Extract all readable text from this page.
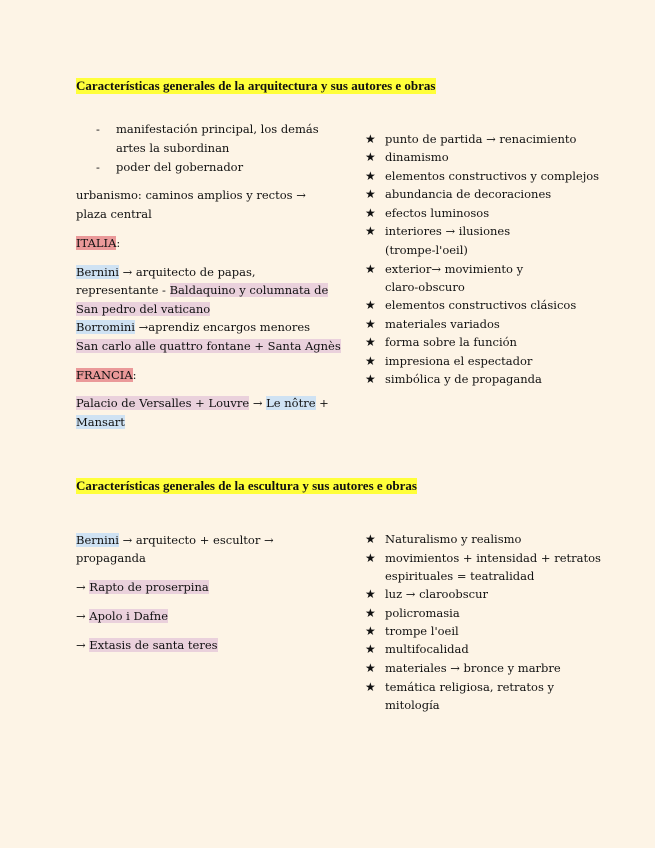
Características generales de la arquitectura y sus autores e obras
- manifestación principal, los demás
artes la subordinan
- poder del gobernador
urbanismo: caminos amplios y rectos →
plaza central
ITALIA:
Bernini → arquitecto de papas,
representante - Baldaquino y columnata de
San pedro del vaticano
Borromini →aprendiz encargos menores
San carlo alle quattro fontane + Santa Agnès
FRANCIA:
Palacio de Versalles + Louvre → Le nôtre +
Mansart
★ punto de partida → renacimiento
★ dinamismo
★ elementos constructivos y complejos
★ abundancia de decoraciones
★ efectos luminosos
★ interiores → ilusiones
(trompe-l'oeil)
★ exterior→ movimiento y
claro-obscuro
★ elementos constructivos clásicos
★ materiales variados
★ forma sobre la función
★ impresiona el espectador
★ simbólica y de propaganda
Características generales de la escultura y sus autores e obras
Bernini → arquitecto + escultor →
propaganda
→ Rapto de proserpina
→ Apolo i Dafne
→ Extasis de santa teres
★ Naturalismo y realismo
★ movimientos + intensidad + retratos
espirituales = teatralidad
★ luz → claroobscur
★ policromasia
★ trompe l'oeil
★ multifocalidad
★ materiales → bronce y marbre
★ temática religiosa, retratos y
mitología
